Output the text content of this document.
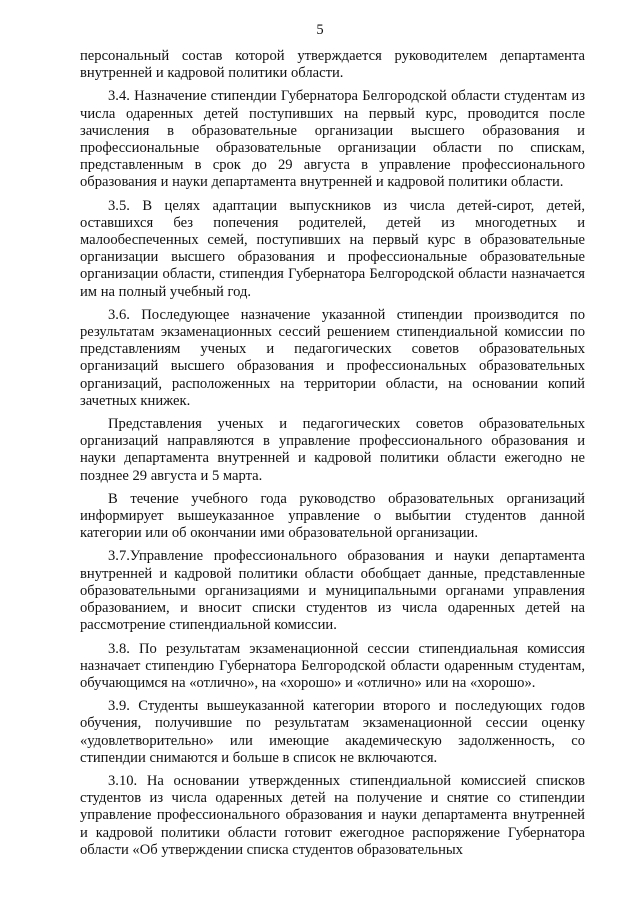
5

персональный состав которой утверждается руководителем департамента внутренней и кадровой политики области.

3.4. Назначение стипендии Губернатора Белгородской области студентам из числа одаренных детей поступивших на первый курс, проводится после зачисления в образовательные организации высшего образования и профессиональные образовательные организации области по спискам, представленным в срок до 29 августа в управление профессионального образования и науки департамента внутренней и кадровой политики области.

3.5. В целях адаптации выпускников из числа детей-сирот, детей, оставшихся без попечения родителей, детей из многодетных и малообеспеченных семей, поступивших на первый курс в образовательные организации высшего образования и профессиональные образовательные организации области, стипендия Губернатора Белгородской области назначается им на полный учебный год.

3.6. Последующее назначение указанной стипендии производится по результатам экзаменационных сессий решением стипендиальной комиссии по представлениям ученых и педагогических советов образовательных организаций высшего образования и профессиональных образовательных организаций, расположенных на территории области, на основании копий зачетных книжек.

Представления ученых и педагогических советов образовательных организаций направляются в управление профессионального образования и науки департамента внутренней и кадровой политики области ежегодно не позднее 29 августа и 5 марта.

В течение учебного года руководство образовательных организаций информирует вышеуказанное управление о выбытии студентов данной категории или об окончании ими образовательной организации.

3.7.Управление профессионального образования и науки департамента внутренней и кадровой политики области обобщает данные, представленные образовательными организациями и муниципальными органами управления образованием, и вносит списки студентов из числа одаренных детей на рассмотрение стипендиальной комиссии.

3.8. По результатам экзаменационной сессии стипендиальная комиссия назначает стипендию Губернатора Белгородской области одаренным студентам, обучающимся на «отлично», на «хорошо» и «отлично» или на «хорошо».

3.9. Студенты вышеуказанной категории второго и последующих годов обучения, получившие по результатам экзаменационной сессии оценку «удовлетворительно» или имеющие академическую задолженность, со стипендии снимаются и больше в список не включаются.

3.10. На основании утвержденных стипендиальной комиссией списков студентов из числа одаренных детей на получение и снятие со стипендии управление профессионального образования и науки департамента внутренней и кадровой политики области готовит ежегодное распоряжение Губернатора области «Об утверждении списка студентов образовательных
